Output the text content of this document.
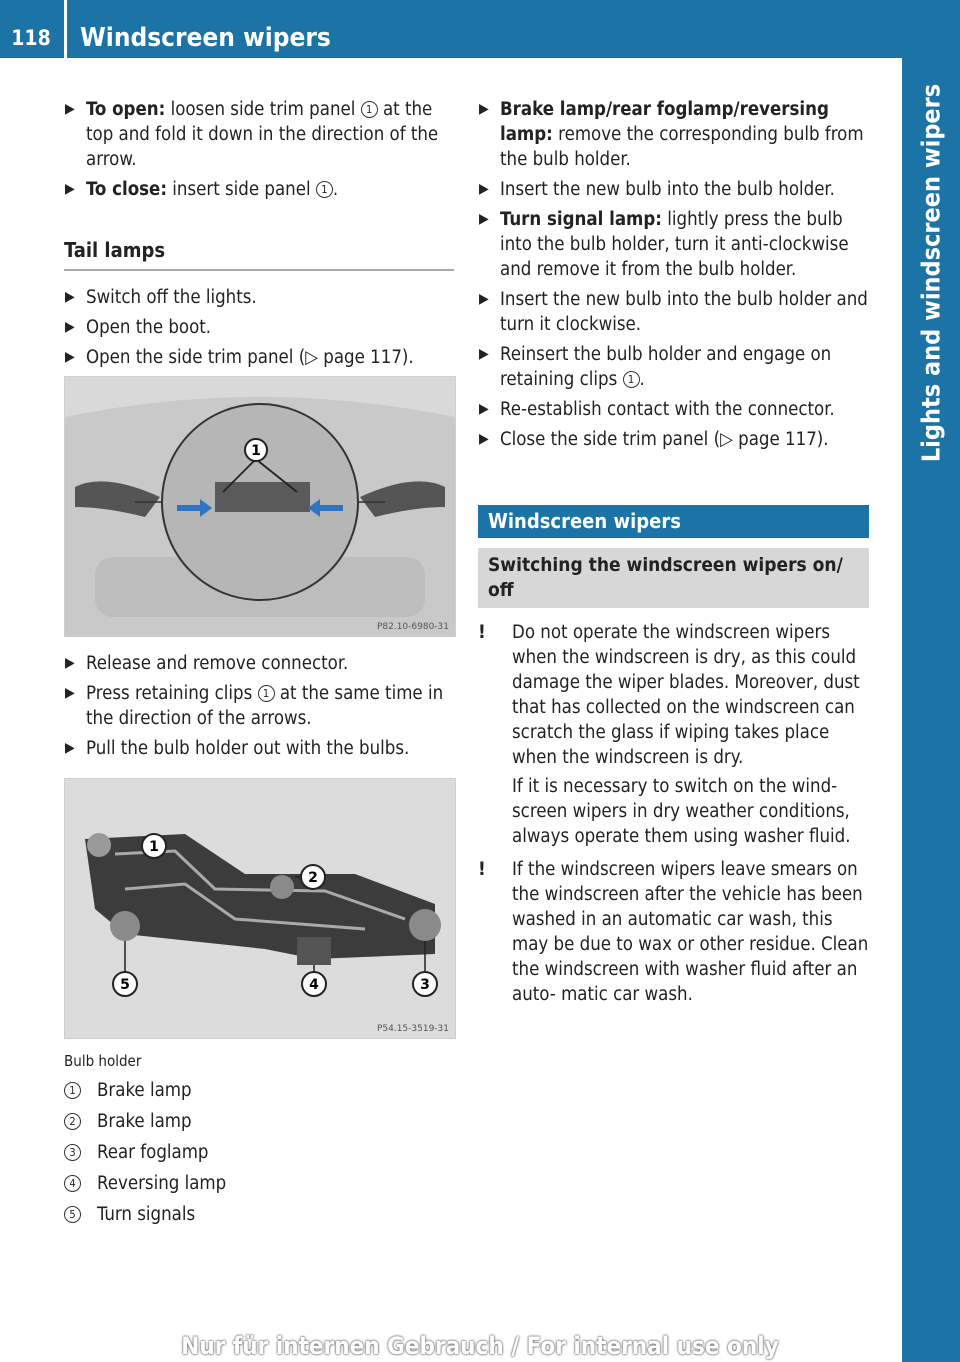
118	Windscreen wipers
Lights and windscreen wipers
▶ To open: loosen side trim panel 1 at the top and fold it down in the direction of the arrow.
▶ To close: insert side panel 1 .
Tail lamps
▶ Switch off the lights.
▶ Open the boot.
▶ Open the side trim panel (▷ page 117).
1
P82.10-6980-31
▶ Release and remove connector.
▶ Press retaining clips 1 at the same time in the direction of the arrows.
▶ Pull the bulb holder out with the bulbs.
1
2
5	4	3
P54.15-3519-31
Bulb holder
1 Brake lamp
2 Brake lamp
3 Rear foglamp
4 Reversing lamp
5 Turn signals
▶ Brake lamp/rear foglamp/reversing lamp: remove the corresponding bulb from the bulb holder.
▶ Insert the new bulb into the bulb holder.
▶ Turn signal lamp: lightly press the bulb into the bulb holder, turn it anti-clockwise and remove it from the bulb holder.
▶ Insert the new bulb into the bulb holder and turn it clockwise.
▶ Reinsert the bulb holder and engage on retaining clips 1 .
▶ Re-establish contact with the connector.
▶ Close the side trim panel (▷ page 117).
Windscreen wipers
Switching the windscreen wipers on/ off
!	Do not operate the windscreen wipers when the windscreen is dry, as this could damage the wiper blades. Moreover, dust that has collected on the windscreen can scratch the glass if wiping takes place when the windscreen is dry.
If it is necessary to switch on the wind- screen wipers in dry weather conditions, always operate them using washer fluid.
!	If the windscreen wipers leave smears on the windscreen after the vehicle has been washed in an automatic car wash, this may be due to wax or other residue. Clean the windscreen with washer fluid after an auto- matic car wash.
Nur für internen Gebrauch / For internal use only
